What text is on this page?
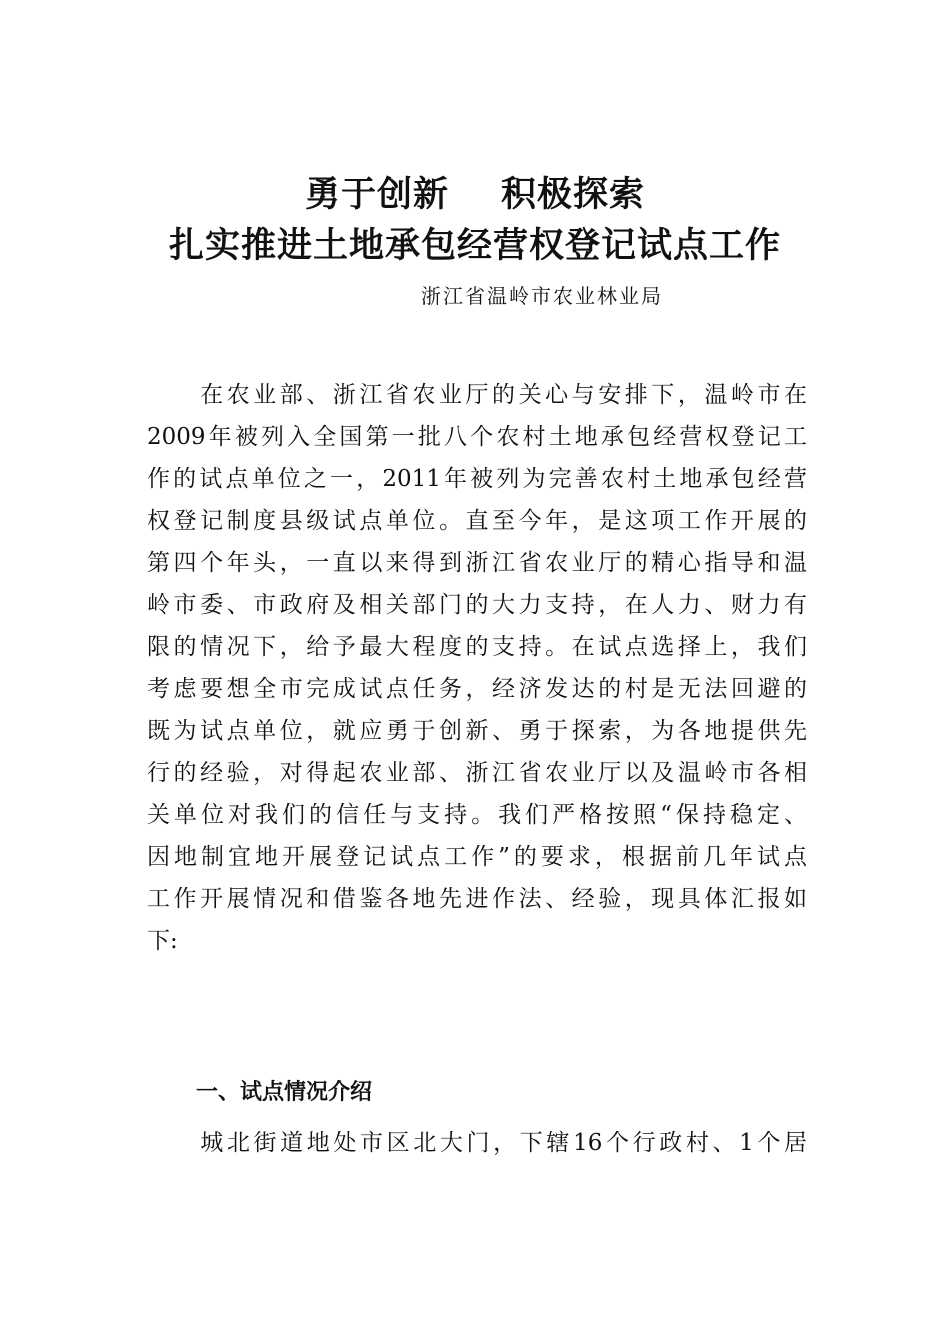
勇于创新 积极探索
扎实推进土地承包经营权登记试点工作

浙江省温岭市农业林业局

　　在农业部、浙江省农业厅的关心与安排下，温岭市在
2009年被列入全国第一批八个农村土地承包经营权登记工
作的试点单位之一，2011年被列为完善农村土地承包经营
权登记制度县级试点单位。直至今年，是这项工作开展的
第四个年头，一直以来得到浙江省农业厅的精心指导和温
岭市委、市政府及相关部门的大力支持，在人力、财力有
限的情况下，给予最大程度的支持。在试点选择上，我们
考虑要想全市完成试点任务，经济发达的村是无法回避的
既为试点单位，就应勇于创新、勇于探索，为各地提供先
行的经验，对得起农业部、浙江省农业厅以及温岭市各相
关单位对我们的信任与支持。我们严格按照“保持稳定、
因地制宜地开展登记试点工作”的要求，根据前几年试点
工作开展情况和借鉴各地先进作法、经验，现具体汇报如
下:
一、试点情况介绍
　　城北街道地处市区北大门，下辖16个行政村、1个居
